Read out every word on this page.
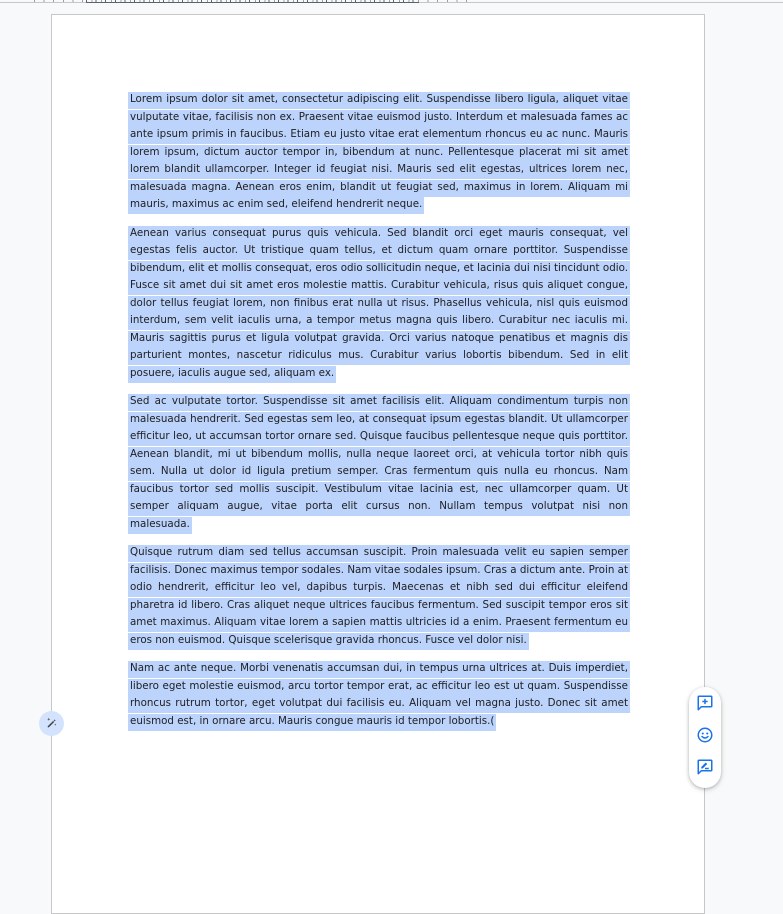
Lorem ipsum dolor sit amet, consectetur adipiscing elit. Suspendisse libero ligula, aliquet vitae vulputate vitae, facilisis non ex. Praesent vitae euismod justo. Interdum et malesuada fames ac ante ipsum primis in faucibus. Etiam eu justo vitae erat elementum rhoncus eu ac nunc. Mauris lorem ipsum, dictum auctor tempor in, bibendum at nunc. Pellentesque placerat mi sit amet lorem blandit ullamcorper. Integer id feugiat nisi. Mauris sed elit egestas, ultrices lorem nec, malesuada magna. Aenean eros enim, blandit ut feugiat sed, maximus in lorem. Aliquam mi mauris, maximus ac enim sed, eleifend hendrerit neque.

Aenean varius consequat purus quis vehicula. Sed blandit orci eget mauris consequat, vel egestas felis auctor. Ut tristique quam tellus, et dictum quam ornare porttitor. Suspendisse bibendum, elit et mollis consequat, eros odio sollicitudin neque, et lacinia dui nisi tincidunt odio. Fusce sit amet dui sit amet eros molestie mattis. Curabitur vehicula, risus quis aliquet congue, dolor tellus feugiat lorem, non finibus erat nulla ut risus. Phasellus vehicula, nisl quis euismod interdum, sem velit iaculis urna, a tempor metus magna quis libero. Curabitur nec iaculis mi. Mauris sagittis purus et ligula volutpat gravida. Orci varius natoque penatibus et magnis dis parturient montes, nascetur ridiculus mus. Curabitur varius lobortis bibendum. Sed in elit posuere, iaculis augue sed, aliquam ex.

Sed ac vulputate tortor. Suspendisse sit amet facilisis elit. Aliquam condimentum turpis non malesuada hendrerit. Sed egestas sem leo, at consequat ipsum egestas blandit. Ut ullamcorper efficitur leo, ut accumsan tortor ornare sed. Quisque faucibus pellentesque neque quis porttitor. Aenean blandit, mi ut bibendum mollis, nulla neque laoreet orci, at vehicula tortor nibh quis sem. Nulla ut dolor id ligula pretium semper. Cras fermentum quis nulla eu rhoncus. Nam faucibus tortor sed mollis suscipit. Vestibulum vitae lacinia est, nec ullamcorper quam. Ut semper aliquam augue, vitae porta elit cursus non. Nullam tempus volutpat nisi non malesuada.

Quisque rutrum diam sed tellus accumsan suscipit. Proin malesuada velit eu sapien semper facilisis. Donec maximus tempor sodales. Nam vitae sodales ipsum. Cras a dictum ante. Proin at odio hendrerit, efficitur leo vel, dapibus turpis. Maecenas et nibh sed dui efficitur eleifend pharetra id libero. Cras aliquet neque ultrices faucibus fermentum. Sed suscipit tempor eros sit amet maximus. Aliquam vitae lorem a sapien mattis ultricies id a enim. Praesent fermentum eu eros non euismod. Quisque scelerisque gravida rhoncus. Fusce vel dolor nisi.

Nam ac ante neque. Morbi venenatis accumsan dui, in tempus urna ultrices at. Duis imperdiet, libero eget molestie euismod, arcu tortor tempor erat, ac efficitur leo est ut quam. Suspendisse rhoncus rutrum tortor, eget volutpat dui facilisis eu. Aliquam vel magna justo. Donec sit amet euismod est, in ornare arcu. Mauris congue mauris id tempor lobortis.(
